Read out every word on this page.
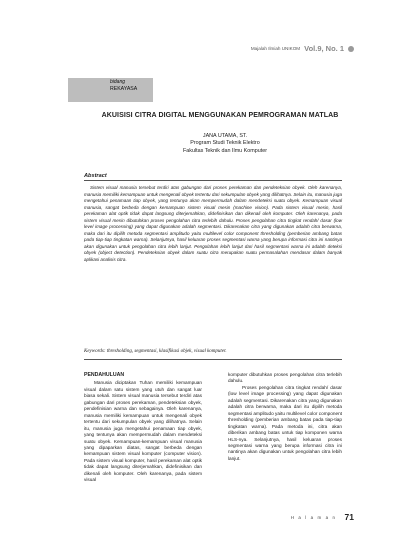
Majalah Ilmiah UNIKOM Vol.9, No. 1
bidang
REKAYASA
AKUISISI CITRA DIGITAL MENGGUNAKAN PEMROGRAMAN MATLAB
JANA UTAMA, ST.
Program Studi Teknik Elektro
Fakultas Teknik dan Ilmu Komputer
Abstract

Sistem visual manusia tersebut terdiri atas gabungan dari proses perekaman dan pendeteksian obyek. Oleh karenanya, manusia memiliki kemampuan untuk mengenali obyek tertentu dari sekumpulan obyek yang dilihatnya. Selain itu, manusia juga mengetahui penamaan tiap obyek, yang tentunya akan mempermudah dalam mendeteksi suatu obyek. Kemampuan visual manusia, sangat berbeda dengan kemampuan sistem visual mesin (machine vision). Pada sistem visual mesin, hasil perekaman alat optik tidak dapat langsung diterjemahkan, didefinisikan dan dikenali oleh komputer. Oleh karenanya, pada sistem visual mesin dibutuhkan proses pengolahan citra terlebih dahulu. Proses pengolahan citra tingkat rendah/ dasar (low level image processing) yang dapat digunakan adalah segmentasi. Dikarenakan citra yang digunakan adalah citra berwarna, maka dari itu dipilih metoda segmentasi amplitudo yaitu multilevel color component thresholding (pemberian ambang batas pada tiap-tiap tingkatan warna). Selanjutnya, hasil keluaran proses segmentasi warna yang berupa informasi citra ini nantinya akan digunakan untuk pengolahan citra lebih lanjut. Pengolahan lebih lanjut dari hasil segmentasi warna ini adalah deteksi obyek (object detection). Pendeteksian obyek dalam suatu citra merupakan suatu permasalahan mendasar dalam banyak aplikasi analisis citra.

Keywords: thresholding, segmentasi, klasifikasi objek, visual komputer.
PENDAHULUAN

Manusia diciptakan Tuhan memiliki kemampuan visual dalam satu sistem yang utuh dan sangat luar biasa sekali. Sistem visual manusia tersebut terdiri atas gabungan dari proses perekaman, pendeteksian obyek, pendefinisian warna dan sebagainya. Oleh karenanya, manusia memiliki kemampuan untuk mengenali obyek tertentu dari sekumpulan obyek yang dilihatnya. Selain itu, manusia juga mengetahui penamaan tiap obyek, yang tentunya akan mempermudah dalam mendeteksi suatu obyek. Kemampuan-kemampuan visual manusia yang dipaparkan diatas, sangat berbeda dengan kemampuan sistem visual komputer (computer vision). Pada sistem visual komputer, hasil perekaman alat optik tidak dapat langsung diterjemahkan, didefinisikan dan dikenali oleh komputer. Oleh karenanya, pada sistem visual

komputer dibutuhkan proses pengolahan citra terlebih dahulu.

Proses pengolahan citra tingkat rendah/ dasar (low level image processing) yang dapat digunakan adalah segmentasi. Dikarenakan citra yang digunakan adalah citra berwarna, maka dari itu dipilih metoda segmentasi amplitudo yaitu multilevel color component thresholding (pemberian ambang batas pada tiap-tiap tingkatan warna). Pada metoda ini, citra akan diberikan ambang batas untuk tiap komponen warna HLS-nya. Selanjutnya, hasil keluaran proses segmentasi warna yang berupa informasi citra ini nantinya akan digunakan untuk pengolahan citra lebih lanjut.

H a l a m a n 71
